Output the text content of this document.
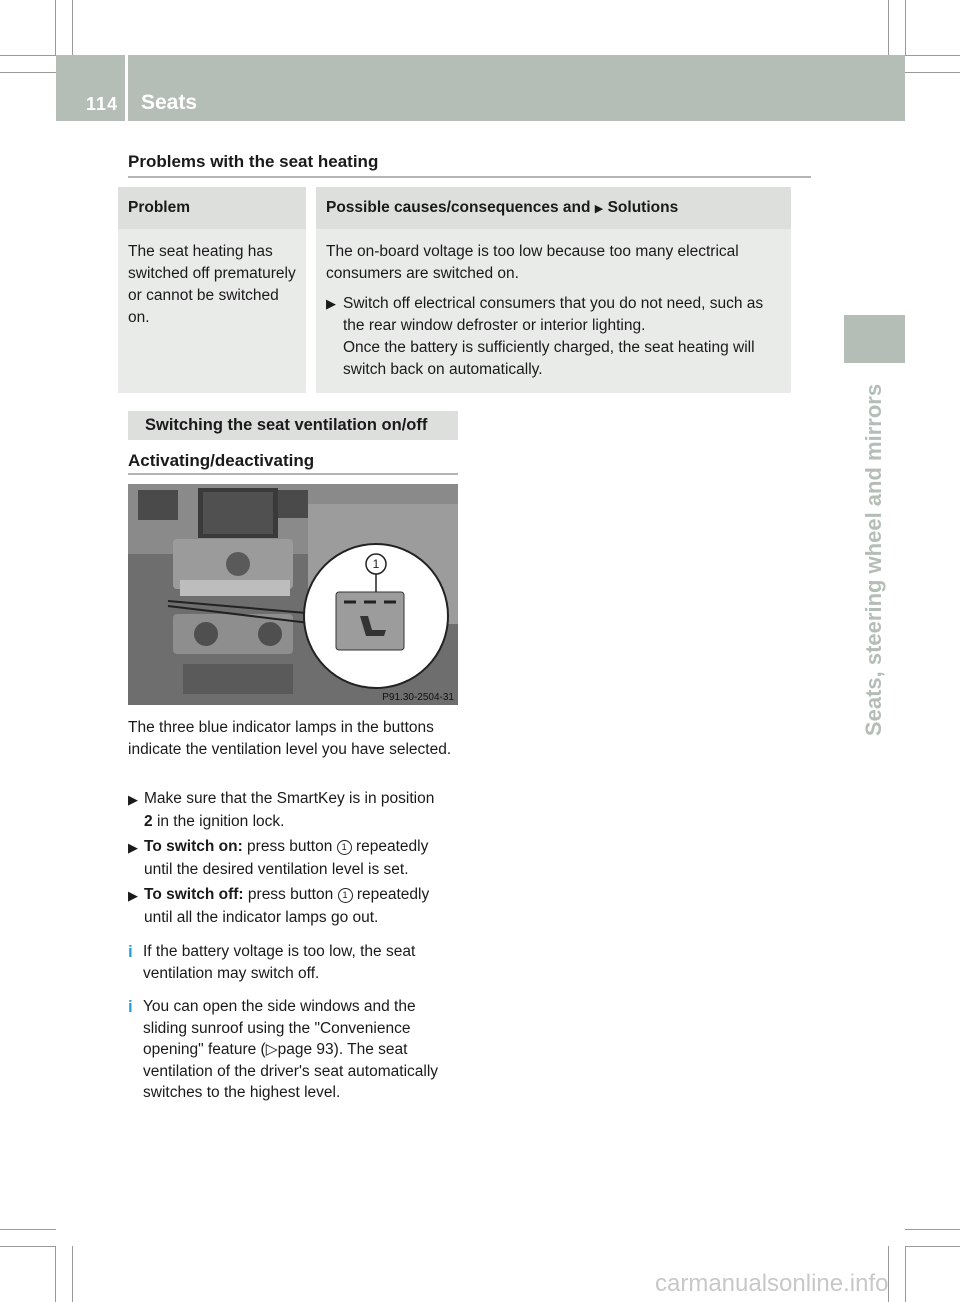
114 Seats
Seats, steering wheel and mirrors
Problems with the seat heating
Problem	Possible causes/consequences and ▶ Solutions
The seat heating has switched off prematurely or cannot be switched on.	The on-board voltage is too low because too many electrical consumers are switched on.

▶ Switch off electrical consumers that you do not need, such as the rear window defroster or interior lighting.
Once the battery is sufficiently charged, the seat heating will switch back on automatically.
Switching the seat ventilation on/off
Activating/deactivating
1
P91.30-2504-31
The three blue indicator lamps in the buttons indicate the ventilation level you have selected.
▶ Make sure that the SmartKey is in position
2 in the ignition lock.
▶ To switch on: press button 1 repeatedly until the desired ventilation level is set.
▶ To switch off: press button 1 repeatedly until all the indicator lamps go out.
i If the battery voltage is too low, the seat ventilation may switch off.
i You can open the side windows and the sliding sunroof using the "Convenience opening" feature (▷page 93). The seat ventilation of the driver's seat automatically switches to the highest level.
carmanualsonline.info
